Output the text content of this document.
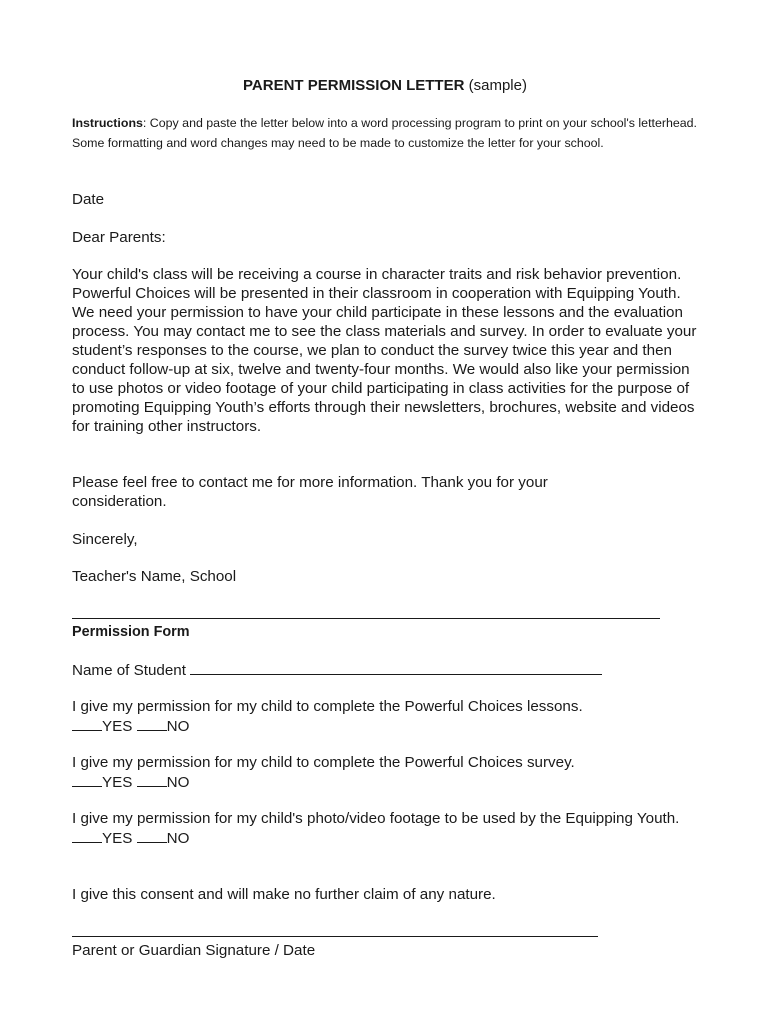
PARENT PERMISSION LETTER (sample)
Instructions: Copy and paste the letter below into a word processing program to print on your school's letterhead. Some formatting and word changes may need to be made to customize the letter for your school.
Date
Dear Parents:
Your child's class will be receiving a course in character traits and risk behavior prevention. Powerful Choices will be presented in their classroom in cooperation with Equipping Youth. We need your permission to have your child participate in these lessons and the evaluation process. You may contact me to see the class materials and survey. In order to evaluate your student’s responses to the course, we plan to conduct the survey twice this year and then conduct follow-up at six, twelve and twenty-four months. We would also like your permission to use photos or video footage of your child participating in class activities for the purpose of promoting Equipping Youth’s efforts through their newsletters, brochures, website and videos for training other instructors.
Please feel free to contact me for more information. Thank you for your consideration.
Sincerely,
Teacher's Name, School
Permission Form
Name of Student
I give my permission for my child to complete the Powerful Choices lessons.
YES NO
I give my permission for my child to complete the Powerful Choices survey.
YES NO
I give my permission for my child's photo/video footage to be used by the Equipping Youth.
YES NO
I give this consent and will make no further claim of any nature.
Parent or Guardian Signature / Date
